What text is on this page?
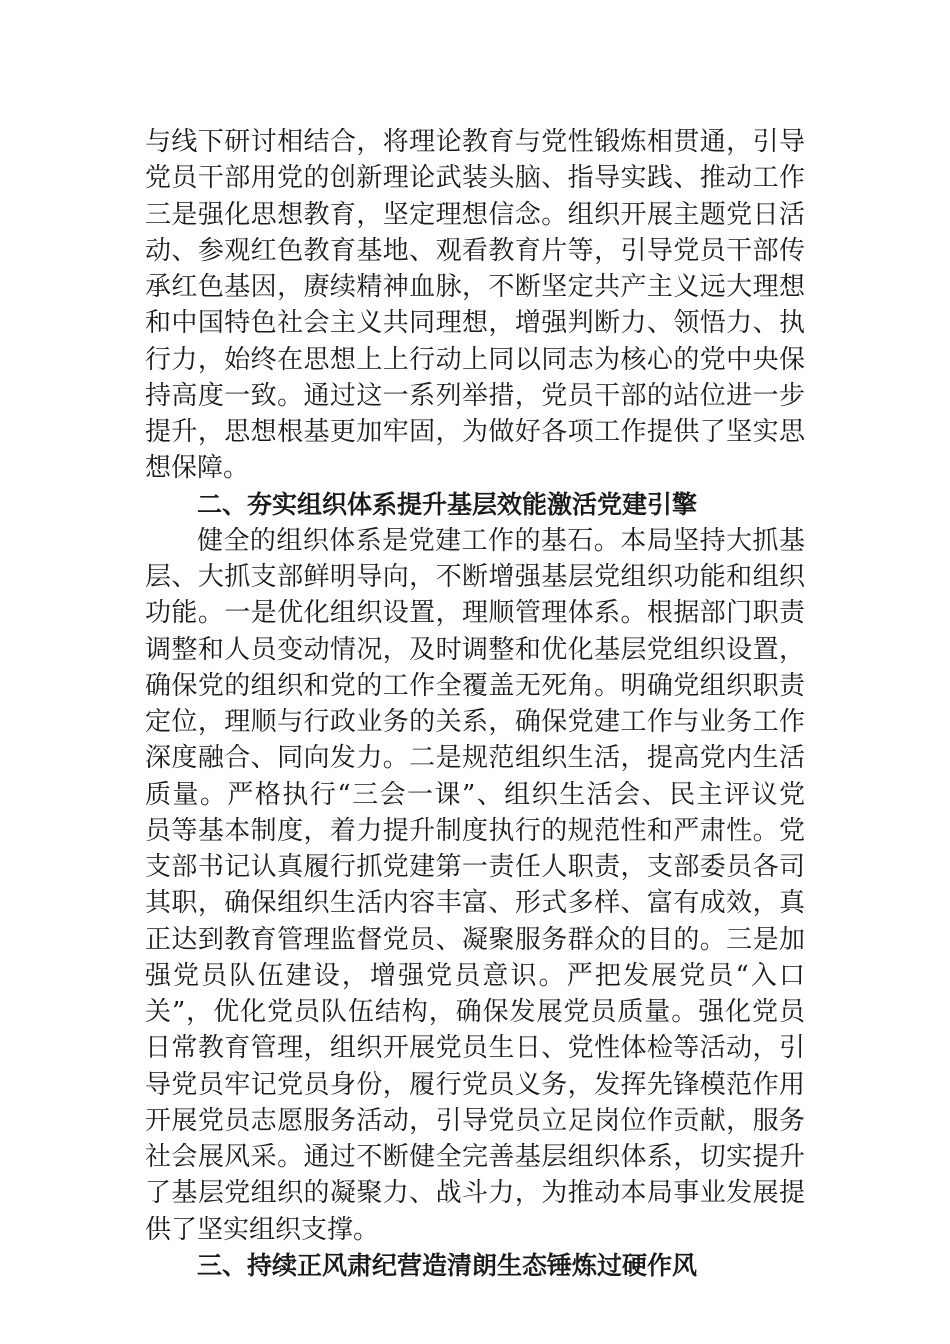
与线下研讨相结合，将理论教育与党性锻炼相贯通，引导
党员干部用党的创新理论武装头脑、指导实践、推动工作
三是强化思想教育，坚定理想信念。组织开展主题党日活
动、参观红色教育基地、观看教育片等，引导党员干部传
承红色基因，赓续精神血脉，不断坚定共产主义远大理想
和中国特色社会主义共同理想，增强判断力、领悟力、执
行力，始终在思想上上行动上同以同志为核心的党中央保
持高度一致。通过这一系列举措，党员干部的站位进一步
提升，思想根基更加牢固，为做好各项工作提供了坚实思
想保障。
二、夯实组织体系提升基层效能激活党建引擎
健全的组织体系是党建工作的基石。本局坚持大抓基
层、大抓支部鲜明导向，不断增强基层党组织功能和组织
功能。一是优化组织设置，理顺管理体系。根据部门职责
调整和人员变动情况，及时调整和优化基层党组织设置，
确保党的组织和党的工作全覆盖无死角。明确党组织职责
定位，理顺与行政业务的关系，确保党建工作与业务工作
深度融合、同向发力。二是规范组织生活，提高党内生活
质量。严格执行“三会一课”、组织生活会、民主评议党
员等基本制度，着力提升制度执行的规范性和严肃性。党
支部书记认真履行抓党建第一责任人职责，支部委员各司
其职，确保组织生活内容丰富、形式多样、富有成效，真
正达到教育管理监督党员、凝聚服务群众的目的。三是加
强党员队伍建设，增强党员意识。严把发展党员“入口
关”，优化党员队伍结构，确保发展党员质量。强化党员
日常教育管理，组织开展党员生日、党性体检等活动，引
导党员牢记党员身份，履行党员义务，发挥先锋模范作用
开展党员志愿服务活动，引导党员立足岗位作贡献，服务
社会展风采。通过不断健全完善基层组织体系，切实提升
了基层党组织的凝聚力、战斗力，为推动本局事业发展提
供了坚实组织支撑。
三、持续正风肃纪营造清朗生态锤炼过硬作风
